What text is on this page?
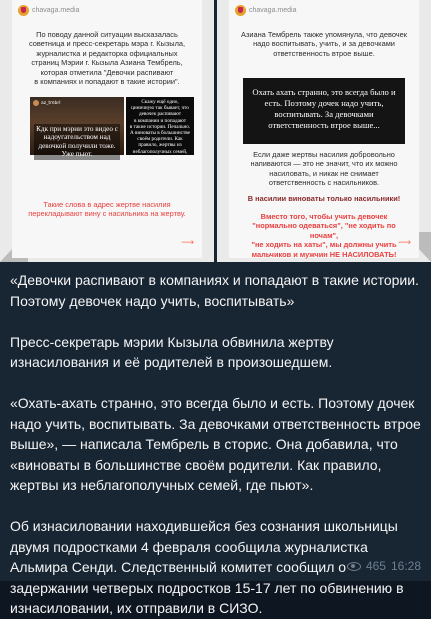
chavaga.media
По поводу данной ситуации высказалась
советница и пресс-секретарь мэра г. Кызыла,
журналистка и редакторка официальных
страниц Мэрии г. Кызыла Азиана Тембрель,
которая отметила "Девочки распивают
в компаниях и попадают в такие истории".
az_tmbrl
Кдк при мэрии это видео с
надоугательством над
девочкой получили тоже.
Уже пьют.
Скажу ещё одно,
циничную так бывает, что
девочек распивают
в компании и попадают
в такие истории. Печально.
А виноваты в большинстве
своём родители. Как
правило, жертвы из
неблагополучных семей,
где пьют
Такие слова в адрес жертве насилия
перекладывают вину с насильника на жертву.
⟶
chavaga.media
Азиана Тембрель также упомянула, что девочек
надо воспитывать, учить, и за девочками
ответственность втрое выше.
Охать ахать странно, это всегда было и
есть. Поэтому дочек надо учить,
воспитывать. За девочками
ответственность втрое выше...
Если даже жертвы насилия добровольно
напиваются — это не значит, что их можно
насиловать, и никак не снимает
ответственность с насильников.
В насилии виноваты только насильники!
Вместо того, чтобы учить девочек
"нормально одеваться", "не ходить по ночам",
"не ходить на хаты", мы должны учить
мальчиков и мужчин НЕ НАСИЛОВАТЬ!
⟶

«Девочки распивают в компаниях и попадают в такие истории. Поэтому девочек надо учить, воспитывать»

Пресс-секретарь мэрии Кызыла обвинила жертву изнасилования и её родителей в произошедшем.

«Охать-ахать странно, это всегда было и есть. Поэтому дочек надо учить, воспитывать. За девочками ответственность втрое выше», — написала Тембрель в сторис. Она добавила, что «виноваты в большинстве своём родители. Как правило, жертвы из неблагополучных семей, где пьют».

Об изнасиловании находившейся без сознания школьницы двумя подростками 4 февраля сообщила журналистка Альмира Сенди. Следственный комитет сообщил о задержании четверых подростков 15-17 лет по обвинению в изнасиловании, их отправили в СИЗО.

465 16:28
